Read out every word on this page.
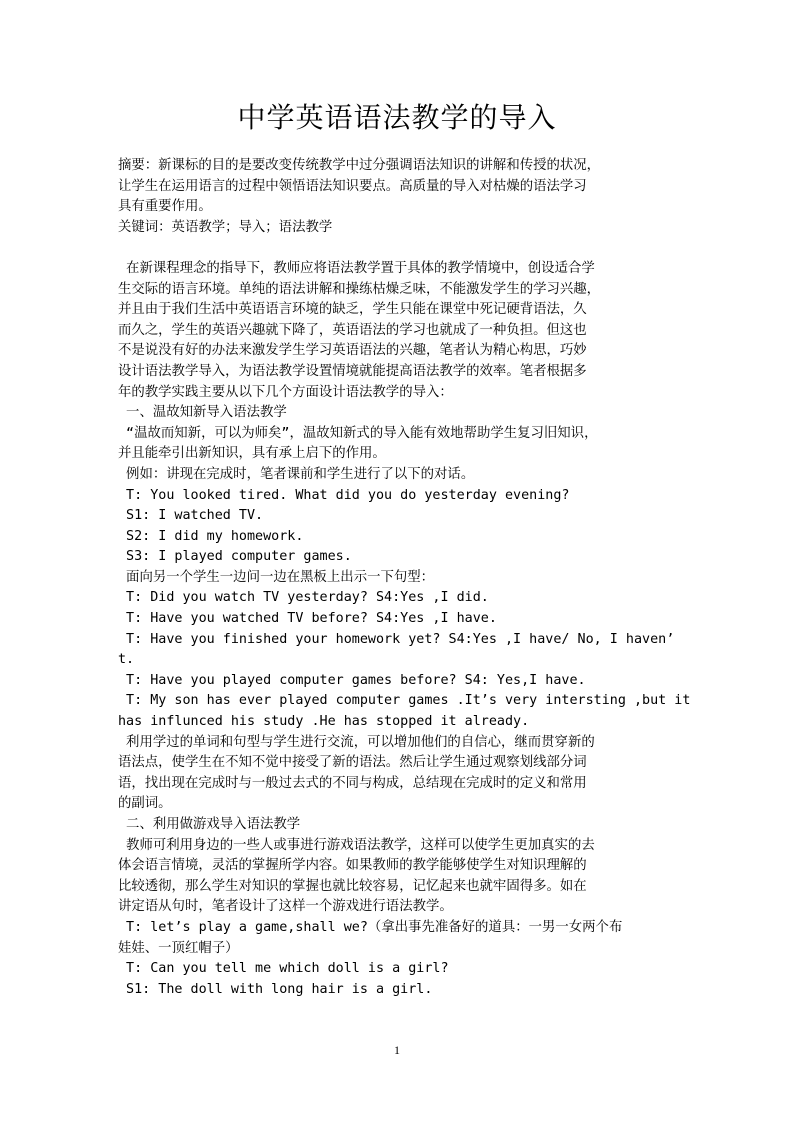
中学英语语法教学的导入
摘要：新课标的目的是要改变传统教学中过分强调语法知识的讲解和传授的状况，
让学生在运用语言的过程中领悟语法知识要点。高质量的导入对枯燥的语法学习
具有重要作用。
关键词：英语教学；导入；语法教学
在新课程理念的指导下，教师应将语法教学置于具体的教学情境中，创设适合学
生交际的语言环境。单纯的语法讲解和操练枯燥乏味，不能激发学生的学习兴趣，
并且由于我们生活中英语语言环境的缺乏，学生只能在课堂中死记硬背语法，久
而久之，学生的英语兴趣就下降了，英语语法的学习也就成了一种负担。但这也
不是说没有好的办法来激发学生学习英语语法的兴趣，笔者认为精心构思，巧妙
设计语法教学导入，为语法教学设置情境就能提高语法教学的效率。笔者根据多
年的教学实践主要从以下几个方面设计语法教学的导入：
一、温故知新导入语法教学
“温故而知新，可以为师矣”，温故知新式的导入能有效地帮助学生复习旧知识，
并且能牵引出新知识，具有承上启下的作用。
例如：讲现在完成时，笔者课前和学生进行了以下的对话。
T: You looked tired. What did you do yesterday evening?
S1: I watched TV.
S2: I did my homework.
S3: I played computer games.
面向另一个学生一边问一边在黑板上出示一下句型：
T: Did you watch TV yesterday? S4:Yes ,I did.
T: Have you watched TV before? S4:Yes ,I have.
T: Have you finished your homework yet? S4:Yes ,I have/ No, I haven’
t.
T: Have you played computer games before? S4: Yes,I have.
T: My son has ever played computer games .It’s very intersting ,but it
has influnced his study .He has stopped it already.
利用学过的单词和句型与学生进行交流，可以增加他们的自信心，继而贯穿新的
语法点，使学生在不知不觉中接受了新的语法。然后让学生通过观察划线部分词
语，找出现在完成时与一般过去式的不同与构成，总结现在完成时的定义和常用
的副词。
二、利用做游戏导入语法教学
教师可利用身边的一些人或事进行游戏语法教学，这样可以使学生更加真实的去
体会语言情境，灵活的掌握所学内容。如果教师的教学能够使学生对知识理解的
比较透彻，那么学生对知识的掌握也就比较容易，记忆起来也就牢固得多。如在
讲定语从句时，笔者设计了这样一个游戏进行语法教学。
T: let’s play a game,shall we?（拿出事先准备好的道具：一男一女两个布
娃娃、一顶红帽子）
T: Can you tell me which doll is a girl?
S1: The doll with long hair is a girl.
1
